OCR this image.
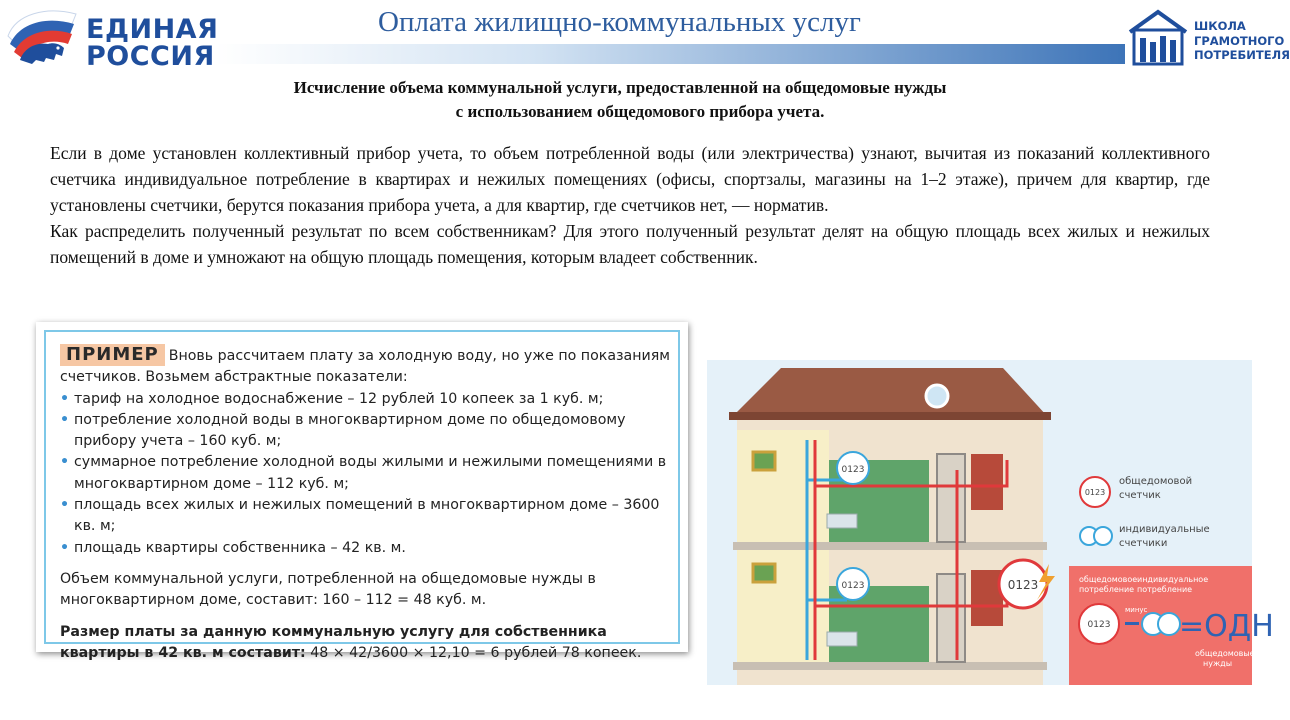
ЕДИНАЯ
РОССИЯ
Оплата жилищно-коммунальных услуг	ШКОЛА
ГРАМОТНОГО
ПОТРЕБИТЕЛЯ
Исчисление объема коммунальной услуги, предоставленной на общедомовые нужды
с использованием общедомового прибора учета.

Если в доме установлен коллективный прибор учета, то объем потребленной воды (или электричества) узнают, вычитая из показаний коллективного счетчика индивидуальное потребление в квартирах и нежилых помещениях (офисы, спортзалы, магазины на 1–2 этаже), причем для квартир, где установлены счетчики, берутся показания прибора учета, а для квартир, где счетчиков нет, — норматив.

Как распределить полученный результат по всем собственникам? Для этого полученный результат делят на общую площадь всех жилых и нежилых помещений в доме и умножают на общую площадь помещения, которым владеет собственник.

ПРИМЕР Вновь рассчитаем плату за холодную воду, но уже по показаниям счетчиков. Возьмем абстрактные показатели:
• тариф на холодное водоснабжение – 12 рублей 10 копеек за 1 куб. м;
• потребление холодной воды в многоквартирном доме по общедомовому прибору учета – 160 куб. м;
• суммарное потребление холодной воды жилыми и нежилыми помещениями в многоквартирном доме – 112 куб. м;
• площадь всех жилых и нежилых помещений в многоквартирном доме – 3600 кв. м;
• площадь квартиры собственника – 42 кв. м.
Объем коммунальной услуги, потребленной на общедомовые нужды в многоквартирном доме, составит: 160 – 112 = 48 куб. м.
Размер платы за данную коммунальную услугу для собственника квартиры в 42 кв. м составит: 48 × 42/3600 × 12,10 = 6 рублей 78 копеек.
0123
0123	0123
0123
общедомовой
счетчик
индивидуальные
счетчики
общедомовое
потребление
индивидуальное
потребление
0123
минус =ОДН
общедомовые
нужды
